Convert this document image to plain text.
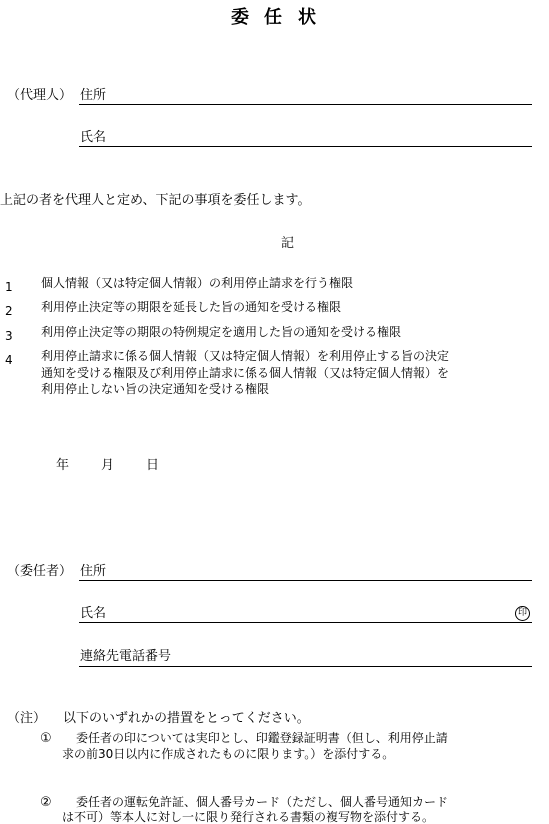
委 任 状
（代理人） 住所
氏名
上記の者を代理人と定め、下記の事項を委任します。
記
1 個人情報（又は特定個人情報）の利用停止請求を行う権限
2 利用停止決定等の期限を延長した旨の通知を受ける権限
3 利用停止決定等の期限の特例規定を適用した旨の通知を受ける権限
4 利用停止請求に係る個人情報（又は特定個人情報）を利用停止する旨の決定
通知を受ける権限及び利用停止請求に係る個人情報（又は特定個人情報）を
利用停止しない旨の決定通知を受ける権限
年 月 日
（委任者） 住所
氏名	印
連絡先電話番号
（注） 以下のいずれかの措置をとってください。
① 委任者の印については実印とし、印鑑登録証明書（但し、利用停止請
求の前30日以内に作成されたものに限ります。）を添付する。
② 委任者の運転免許証、個人番号カード（ただし、個人番号通知カード
は不可）等本人に対し一に限り発行される書類の複写物を添付する。
